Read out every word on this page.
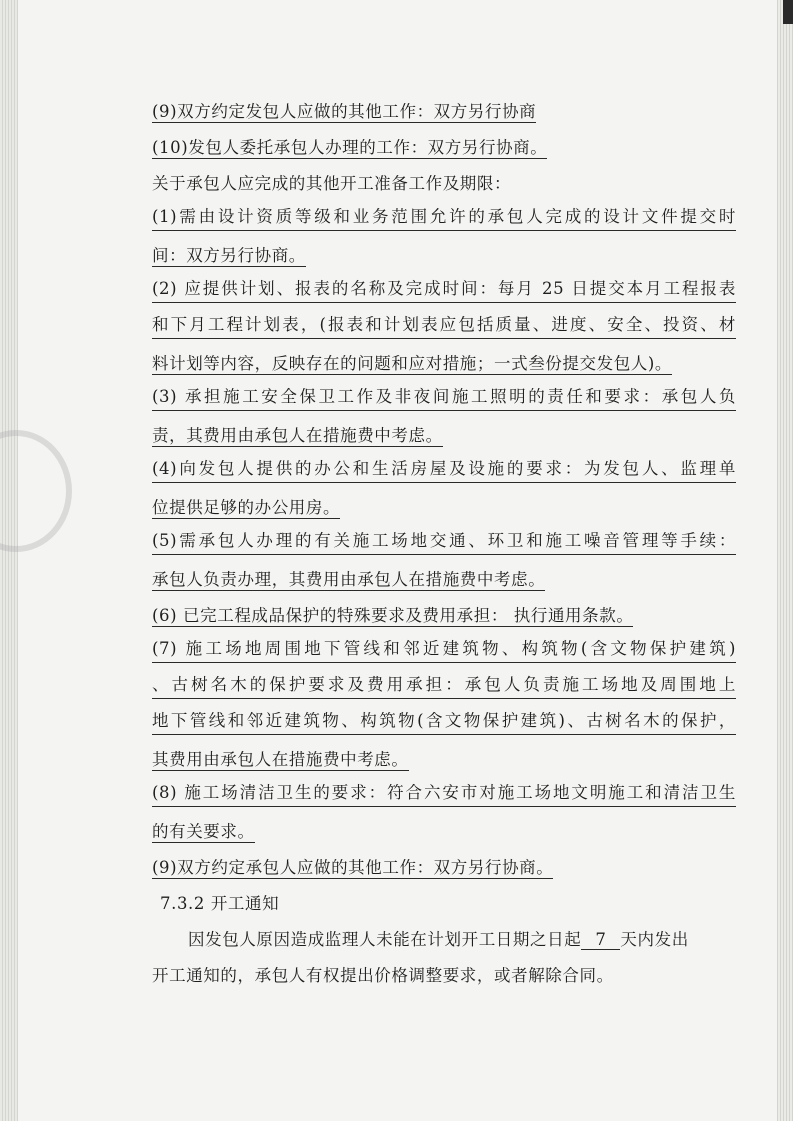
(9)双方约定发包人应做的其他工作：双方另行协商
(10)发包人委托承包人办理的工作：双方另行协商。
关于承包人应完成的其他开工准备工作及期限：
(1)需由设计资质等级和业务范围允许的承包人完成的设计文件提交时
间：双方另行协商。
(2) 应提供计划、报表的名称及完成时间：每月 25 日提交本月工程报表
和下月工程计划表，(报表和计划表应包括质量、进度、安全、投资、材
料计划等内容，反映存在的问题和应对措施；一式叁份提交发包人)。
(3) 承担施工安全保卫工作及非夜间施工照明的责任和要求：承包人负
责，其费用由承包人在措施费中考虑。
(4)向发包人提供的办公和生活房屋及设施的要求：为发包人、监理单
位提供足够的办公用房。
(5)需承包人办理的有关施工场地交通、环卫和施工噪音管理等手续：
承包人负责办理，其费用由承包人在措施费中考虑。
(6) 已完工程成品保护的特殊要求及费用承担： 执行通用条款。
(7) 施工场地周围地下管线和邻近建筑物、构筑物(含文物保护建筑)
、古树名木的保护要求及费用承担：承包人负责施工场地及周围地上
地下管线和邻近建筑物、构筑物(含文物保护建筑)、古树名木的保护，
其费用由承包人在措施费中考虑。
(8) 施工场清洁卫生的要求：符合六安市对施工场地文明施工和清洁卫生
的有关要求。
(9)双方约定承包人应做的其他工作：双方另行协商。
7.3.2 开工通知
因发包人原因造成监理人未能在计划开工日期之日起 7 天内发出
开工通知的，承包人有权提出价格调整要求，或者解除合同。
